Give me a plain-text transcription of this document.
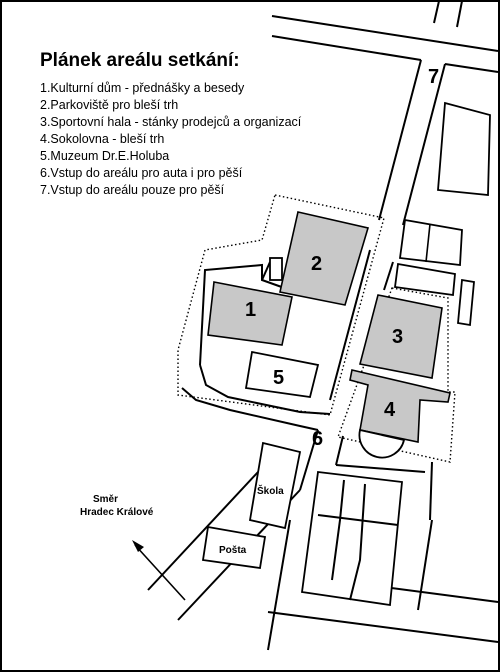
Plánek areálu setkání:
1.Kulturní dům - přednášky a besedy
2.Parkoviště pro bleší trh
3.Sportovní hala - stánky prodejců a organizací
4.Sokolovna - bleší trh
5.Muzeum Dr.E.Holuba
6.Vstup do areálu pro auta i pro pěší
7.Vstup do areálu pouze pro pěší
2
1
5
3
4
6
7
Škola
Pošta
Směr
Hradec Králové
